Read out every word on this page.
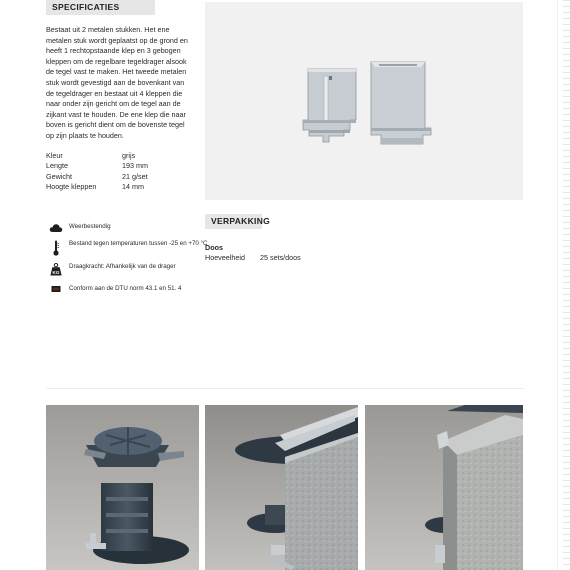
SPECIFICATIES

Bestaat uit 2 metalen stukken. Het ene metalen stuk wordt geplaatst op de grond en heeft 1 rechtopstaande klep en 3 gebogen kleppen om de regelbare tegeldrager alsook de tegel vast te maken. Het tweede metalen stuk wordt gevestigd aan de bovenkant van de tegeldrager en bestaat uit 4 kleppen die naar onder zijn gericht om de tegel aan de zijkant vast te houden. De ene klep die naar boven is gericht dient om de bovenste tegel op zijn plaats te houden.

Kleur	grijs
Lengte	193 mm
Gewicht	21 g/set
Hoogte kleppen	14 mm
Weerbestendig
Bestand tegen temperaturen tussen -25 en +70 °C
KG
Draagkracht: Afhankelijk van de drager
Conform aan de DTU norm 43.1 en 51. 4
VERPAKKING
Doos
Hoeveelheid	25 sets/doos
